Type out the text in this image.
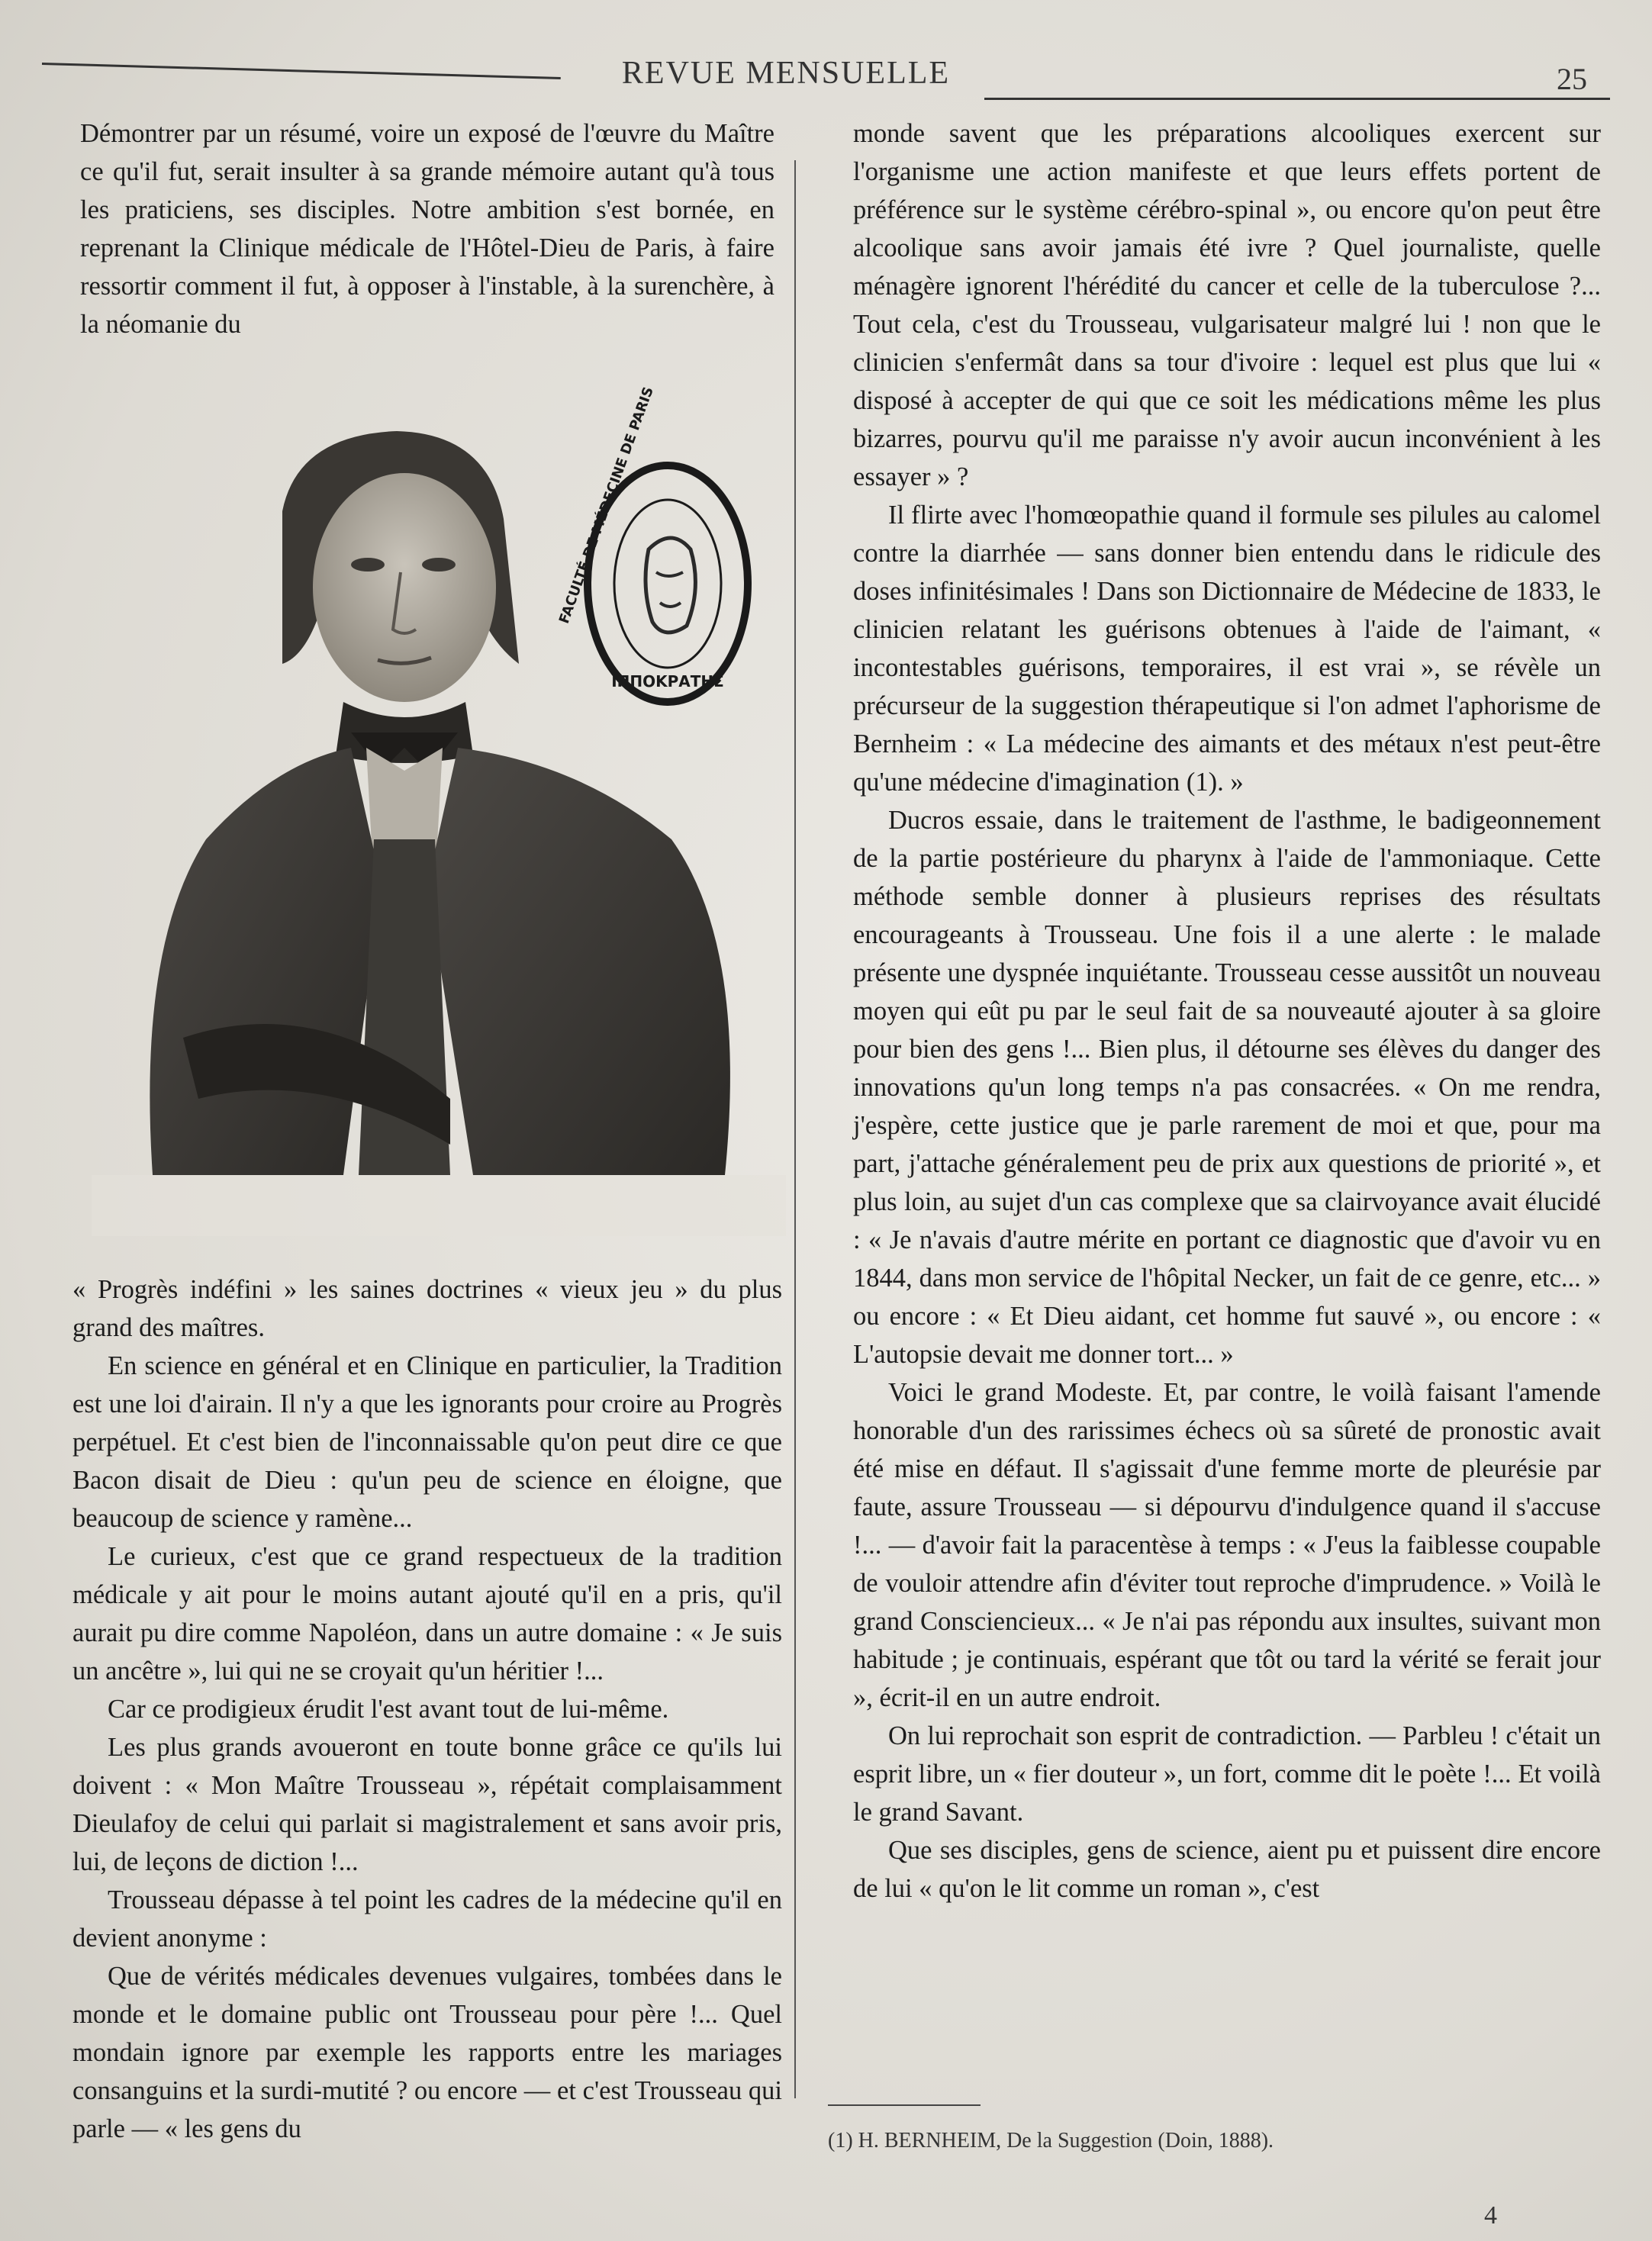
REVUE MENSUELLE	25

Démontrer par un résumé, voire un exposé de l'œuvre du Maître ce qu'il fut, serait insulter à sa grande mémoire autant qu'à tous les praticiens, ses disciples. Notre ambition s'est bornée, en reprenant la Clinique médicale de l'Hôtel-Dieu de Paris, à faire ressortir comment il fut, à opposer à l'instable, à la surenchère, à la néomanie du

ΙΠΠΟΚΡΑΤΗΣ
FACULTÉ DE MÉDECINE DE PARIS

« Progrès indéfini » les saines doctrines « vieux jeu » du plus grand des maîtres.

En science en général et en Clinique en particulier, la Tradition est une loi d'airain. Il n'y a que les ignorants pour croire au Progrès perpétuel. Et c'est bien de l'inconnaissable qu'on peut dire ce que Bacon disait de Dieu : qu'un peu de science en éloigne, que beaucoup de science y ramène...

Le curieux, c'est que ce grand respectueux de la tradition médicale y ait pour le moins autant ajouté qu'il en a pris, qu'il aurait pu dire comme Napoléon, dans un autre domaine : « Je suis un ancêtre », lui qui ne se croyait qu'un héritier !...

Car ce prodigieux érudit l'est avant tout de lui-même.

Les plus grands avoueront en toute bonne grâce ce qu'ils lui doivent : « Mon Maître Trousseau », répétait complaisamment Dieulafoy de celui qui parlait si magistralement et sans avoir pris, lui, de leçons de diction !...

Trousseau dépasse à tel point les cadres de la médecine qu'il en devient anonyme :

Que de vérités médicales devenues vulgaires, tombées dans le monde et le domaine public ont Trousseau pour père !... Quel mondain ignore par exemple les rapports entre les mariages consanguins et la surdi-mutité ? ou encore — et c'est Trousseau qui parle — « les gens du

monde savent que les préparations alcooliques exercent sur l'organisme une action manifeste et que leurs effets portent de préférence sur le système cérébro-spinal », ou encore qu'on peut être alcoolique sans avoir jamais été ivre ? Quel journaliste, quelle ménagère ignorent l'hérédité du cancer et celle de la tuberculose ?... Tout cela, c'est du Trousseau, vulgarisateur malgré lui ! non que le clinicien s'enfermât dans sa tour d'ivoire : lequel est plus que lui « disposé à accepter de qui que ce soit les médications même les plus bizarres, pourvu qu'il me paraisse n'y avoir aucun inconvénient à les essayer » ?

Il flirte avec l'homœopathie quand il formule ses pilules au calomel contre la diarrhée — sans donner bien entendu dans le ridicule des doses infinitésimales ! Dans son Dictionnaire de Médecine de 1833, le clinicien relatant les guérisons obtenues à l'aide de l'aimant, « incontestables guérisons, temporaires, il est vrai », se révèle un précurseur de la suggestion thérapeutique si l'on admet l'aphorisme de Bernheim : « La médecine des aimants et des métaux n'est peut-être qu'une médecine d'imagination (1). »

Ducros essaie, dans le traitement de l'asthme, le badigeonnement de la partie postérieure du pharynx à l'aide de l'ammoniaque. Cette méthode semble donner à plusieurs reprises des résultats encourageants à Trousseau. Une fois il a une alerte : le malade présente une dyspnée inquiétante. Trousseau cesse aussitôt un nouveau moyen qui eût pu par le seul fait de sa nouveauté ajouter à sa gloire pour bien des gens !... Bien plus, il détourne ses élèves du danger des innovations qu'un long temps n'a pas consacrées. « On me rendra, j'espère, cette justice que je parle rarement de moi et que, pour ma part, j'attache généralement peu de prix aux questions de priorité », et plus loin, au sujet d'un cas complexe que sa clairvoyance avait élucidé : « Je n'avais d'autre mérite en portant ce diagnostic que d'avoir vu en 1844, dans mon service de l'hôpital Necker, un fait de ce genre, etc... » ou encore : « Et Dieu aidant, cet homme fut sauvé », ou encore : « L'autopsie devait me donner tort... »

Voici le grand Modeste. Et, par contre, le voilà faisant l'amende honorable d'un des rarissimes échecs où sa sûreté de pronostic avait été mise en défaut. Il s'agissait d'une femme morte de pleurésie par faute, assure Trousseau — si dépourvu d'indulgence quand il s'accuse !... — d'avoir fait la paracentèse à temps : « J'eus la faiblesse coupable de vouloir attendre afin d'éviter tout reproche d'imprudence. » Voilà le grand Consciencieux... « Je n'ai pas répondu aux insultes, suivant mon habitude ; je continuais, espérant que tôt ou tard la vérité se ferait jour », écrit-il en un autre endroit.

On lui reprochait son esprit de contradiction. — Parbleu ! c'était un esprit libre, un « fier douteur », un fort, comme dit le poète !... Et voilà le grand Savant.

Que ses disciples, gens de science, aient pu et puissent dire encore de lui « qu'on le lit comme un roman », c'est

(1) H. BERNHEIM, De la Suggestion (Doin, 1888).
4
